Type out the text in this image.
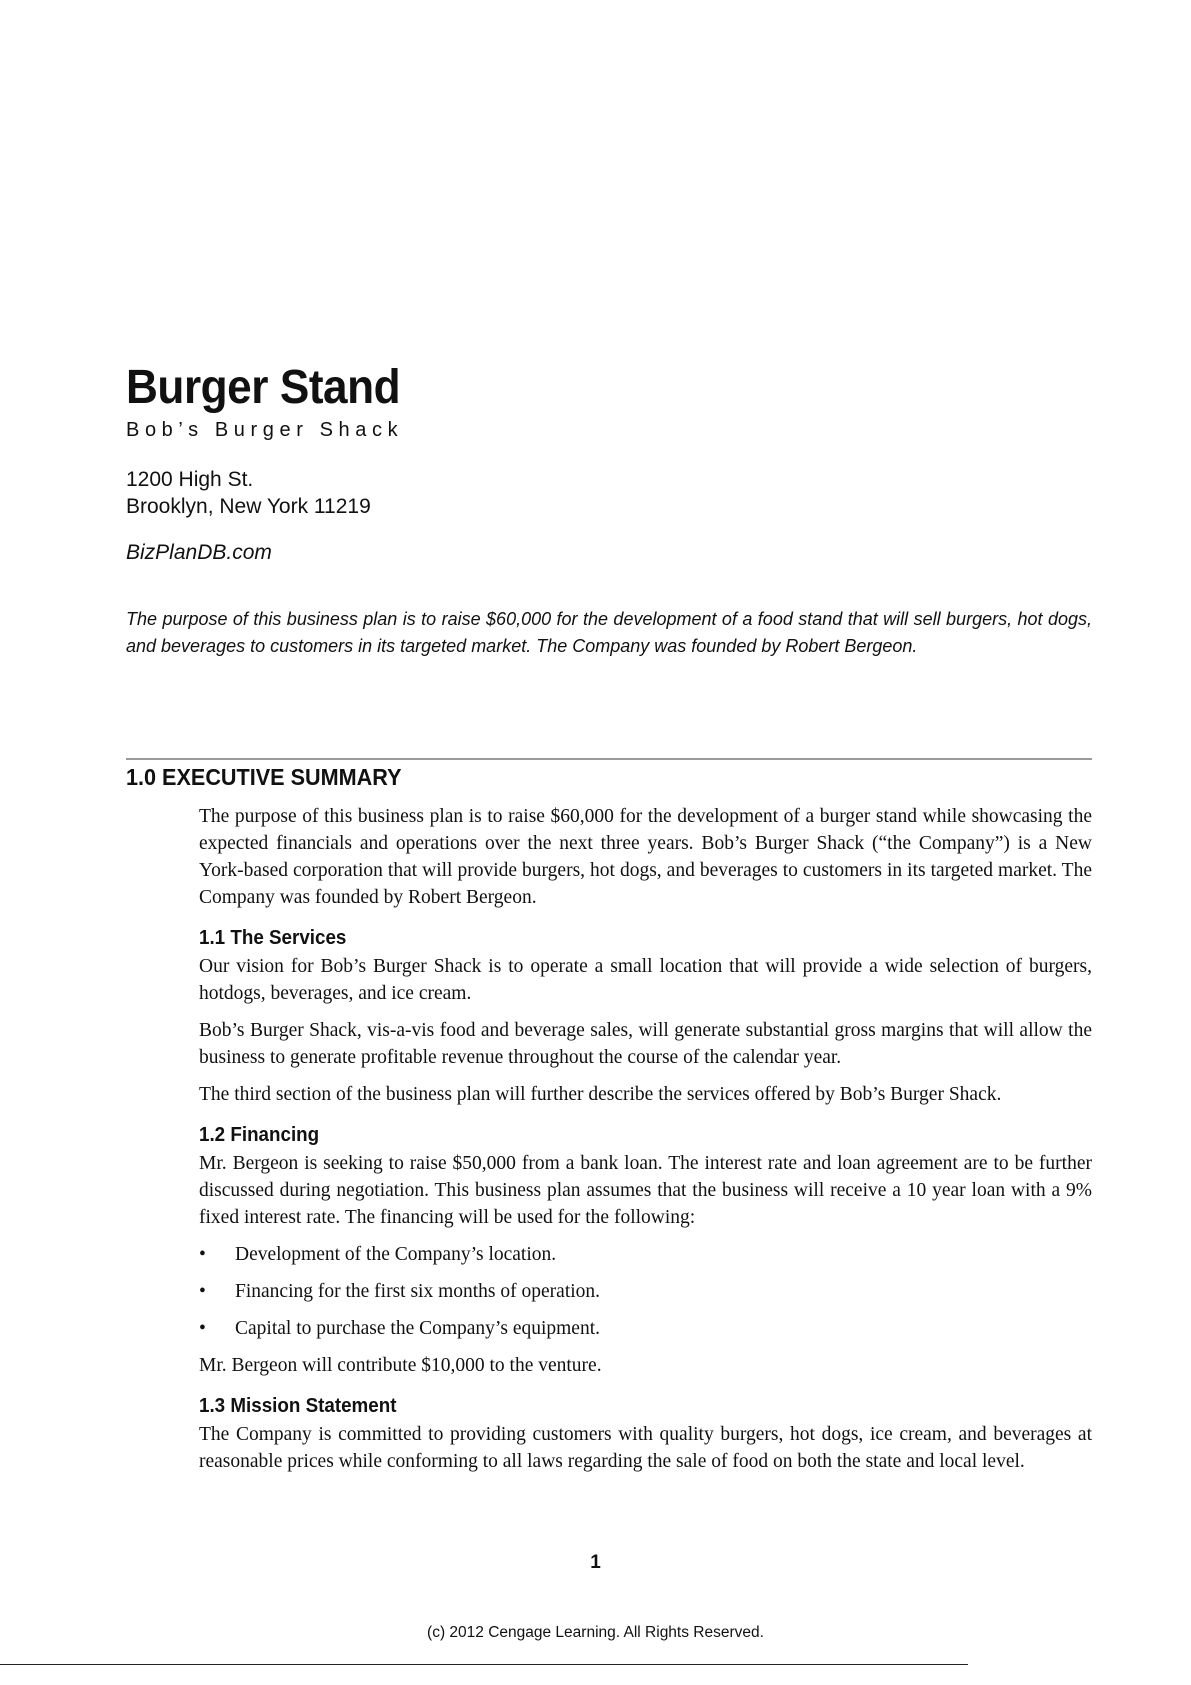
Burger Stand
Bob’s Burger Shack
1200 High St.
Brooklyn, New York 11219
BizPlanDB.com
The purpose of this business plan is to raise $60,000 for the development of a food stand that will sell burgers, hot dogs, and beverages to customers in its targeted market. The Company was founded by Robert Bergeon.
1.0 EXECUTIVE SUMMARY

The purpose of this business plan is to raise $60,000 for the development of a burger stand while showcasing the expected financials and operations over the next three years. Bob’s Burger Shack (“the Company”) is a New York-based corporation that will provide burgers, hot dogs, and beverages to customers in its targeted market. The Company was founded by Robert Bergeon.

1.1 The Services

Our vision for Bob’s Burger Shack is to operate a small location that will provide a wide selection of burgers, hotdogs, beverages, and ice cream.

Bob’s Burger Shack, vis-a-vis food and beverage sales, will generate substantial gross margins that will allow the business to generate profitable revenue throughout the course of the calendar year.

The third section of the business plan will further describe the services offered by Bob’s Burger Shack.

1.2 Financing

Mr. Bergeon is seeking to raise $50,000 from a bank loan. The interest rate and loan agreement are to be further discussed during negotiation. This business plan assumes that the business will receive a 10 year loan with a 9% fixed interest rate. The financing will be used for the following:

• Development of the Company’s location.
• Financing for the first six months of operation.
• Capital to purchase the Company’s equipment.

Mr. Bergeon will contribute $10,000 to the venture.

1.3 Mission Statement

The Company is committed to providing customers with quality burgers, hot dogs, ice cream, and beverages at reasonable prices while conforming to all laws regarding the sale of food on both the state and local level.

1
(c) 2012 Cengage Learning. All Rights Reserved.
